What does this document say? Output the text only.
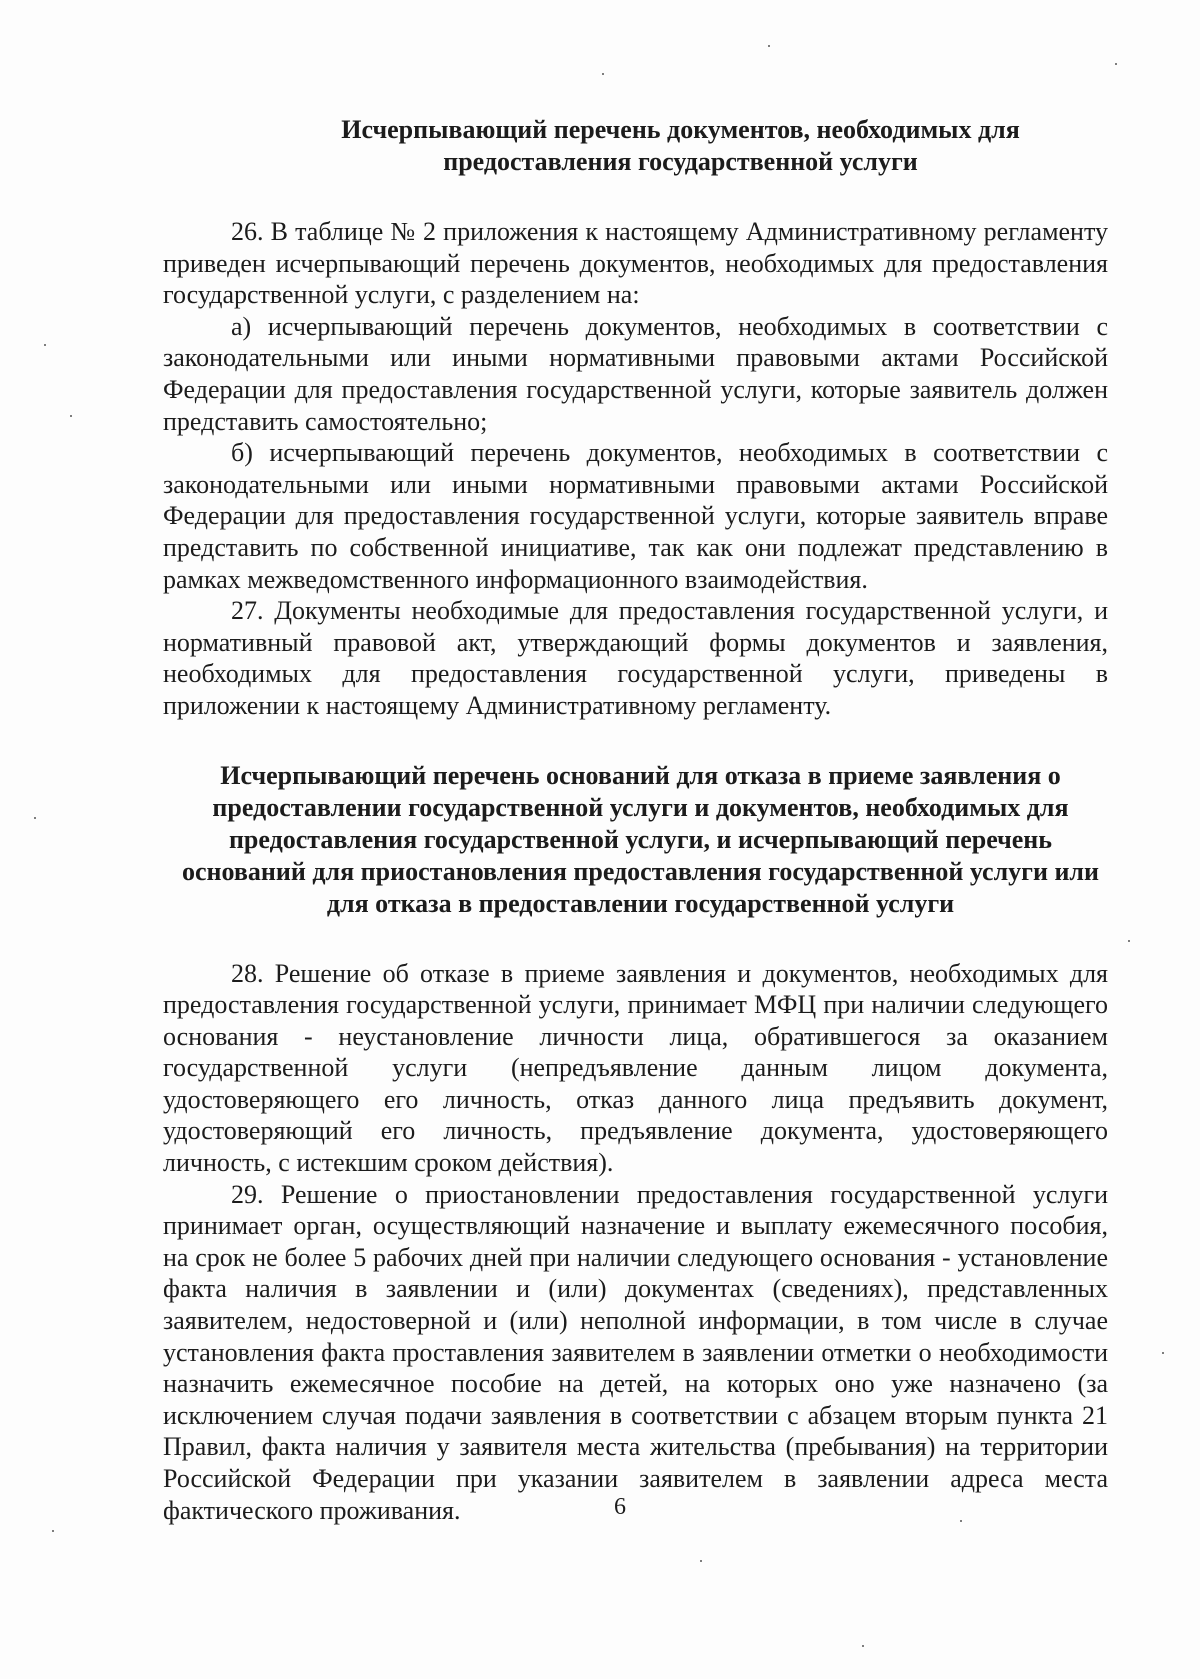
Исчерпывающий перечень документов, необходимых для предоставления государственной услуги

26. В таблице № 2 приложения к настоящему Административному регламенту приведен исчерпывающий перечень документов, необходимых для предоставления государственной услуги, с разделением на:

а) исчерпывающий перечень документов, необходимых в соответствии с законодательными или иными нормативными правовыми актами Российской Федерации для предоставления государственной услуги, которые заявитель должен представить самостоятельно;

б) исчерпывающий перечень документов, необходимых в соответствии с законодательными или иными нормативными правовыми актами Российской Федерации для предоставления государственной услуги, которые заявитель вправе представить по собственной инициативе, так как они подлежат представлению в рамках межведомственного информационного взаимодействия.

27. Документы необходимые для предоставления государственной услуги, и нормативный правовой акт, утверждающий формы документов и заявления, необходимых для предоставления государственной услуги, приведены в приложении к настоящему Административному регламенту.

Исчерпывающий перечень оснований для отказа в приеме заявления о предоставлении государственной услуги и документов, необходимых для предоставления государственной услуги, и исчерпывающий перечень оснований для приостановления предоставления государственной услуги или для отказа в предоставлении государственной услуги

28. Решение об отказе в приеме заявления и документов, необходимых для предоставления государственной услуги, принимает МФЦ при наличии следующего основания - неустановление личности лица, обратившегося за оказанием государственной услуги (непредъявление данным лицом документа, удостоверяющего его личность, отказ данного лица предъявить документ, удостоверяющий его личность, предъявление документа, удостоверяющего личность, с истекшим сроком действия).

29. Решение о приостановлении предоставления государственной услуги принимает орган, осуществляющий назначение и выплату ежемесячного пособия, на срок не более 5 рабочих дней при наличии следующего основания - установление факта наличия в заявлении и (или) документах (сведениях), представленных заявителем, недостоверной и (или) неполной информации, в том числе в случае установления факта проставления заявителем в заявлении отметки о необходимости назначить ежемесячное пособие на детей, на которых оно уже назначено (за исключением случая подачи заявления в соответствии с абзацем вторым пункта 21 Правил, факта наличия у заявителя места жительства (пребывания) на территории Российской Федерации при указании заявителем в заявлении адреса места фактического проживания.	6
